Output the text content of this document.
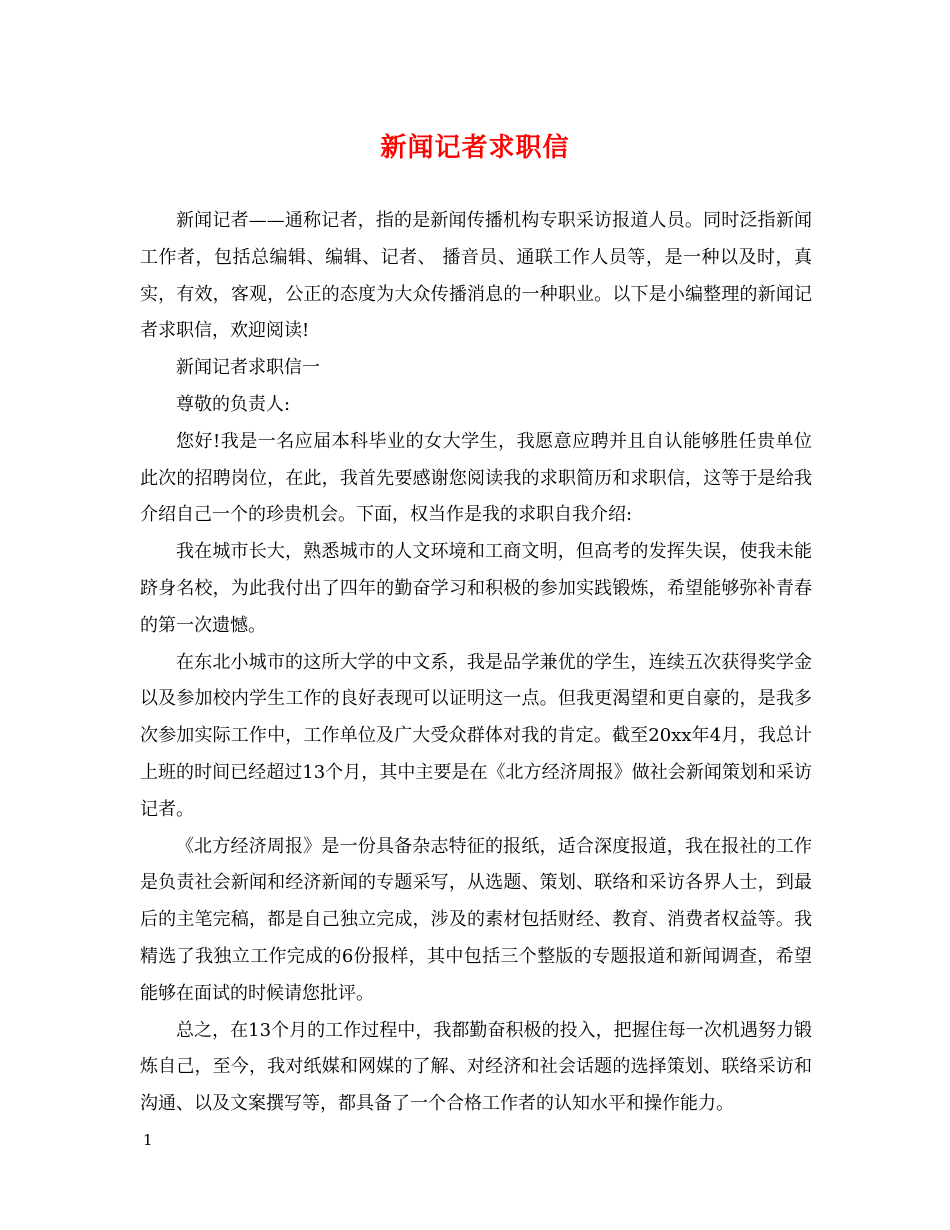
新闻记者求职信

新闻记者——通称记者，指的是新闻传播机构专职采访报道人员。同时泛指新闻工作者，包括总编辑、编辑、记者、 播音员、通联工作人员等，是一种以及时，真实，有效，客观，公正的态度为大众传播消息的一种职业。以下是小编整理的新闻记者求职信，欢迎阅读!

新闻记者求职信一

尊敬的负责人:

您好!我是一名应届本科毕业的女大学生，我愿意应聘并且自认能够胜任贵单位此次的招聘岗位，在此，我首先要感谢您阅读我的求职简历和求职信，这等于是给我介绍自己一个的珍贵机会。下面，权当作是我的求职自我介绍:

我在城市长大，熟悉城市的人文环境和工商文明，但高考的发挥失误，使我未能跻身名校，为此我付出了四年的勤奋学习和积极的参加实践锻炼，希望能够弥补青春的第一次遗憾。

在东北小城市的这所大学的中文系，我是品学兼优的学生，连续五次获得奖学金以及参加校内学生工作的良好表现可以证明这一点。但我更渴望和更自豪的，是我多次参加实际工作中，工作单位及广大受众群体对我的肯定。截至20xx年4月，我总计上班的时间已经超过13个月，其中主要是在《北方经济周报》做社会新闻策划和采访记者。

《北方经济周报》是一份具备杂志特征的报纸，适合深度报道，我在报社的工作是负责社会新闻和经济新闻的专题采写，从选题、策划、联络和采访各界人士，到最后的主笔完稿，都是自己独立完成，涉及的素材包括财经、教育、消费者权益等。我精选了我独立工作完成的6份报样，其中包括三个整版的专题报道和新闻调查，希望能够在面试的时候请您批评。

总之，在13个月的工作过程中，我都勤奋积极的投入，把握住每一次机遇努力锻炼自己，至今，我对纸媒和网媒的了解、对经济和社会话题的选择策划、联络采访和沟通、以及文案撰写等，都具备了一个合格工作者的认知水平和操作能力。

1
